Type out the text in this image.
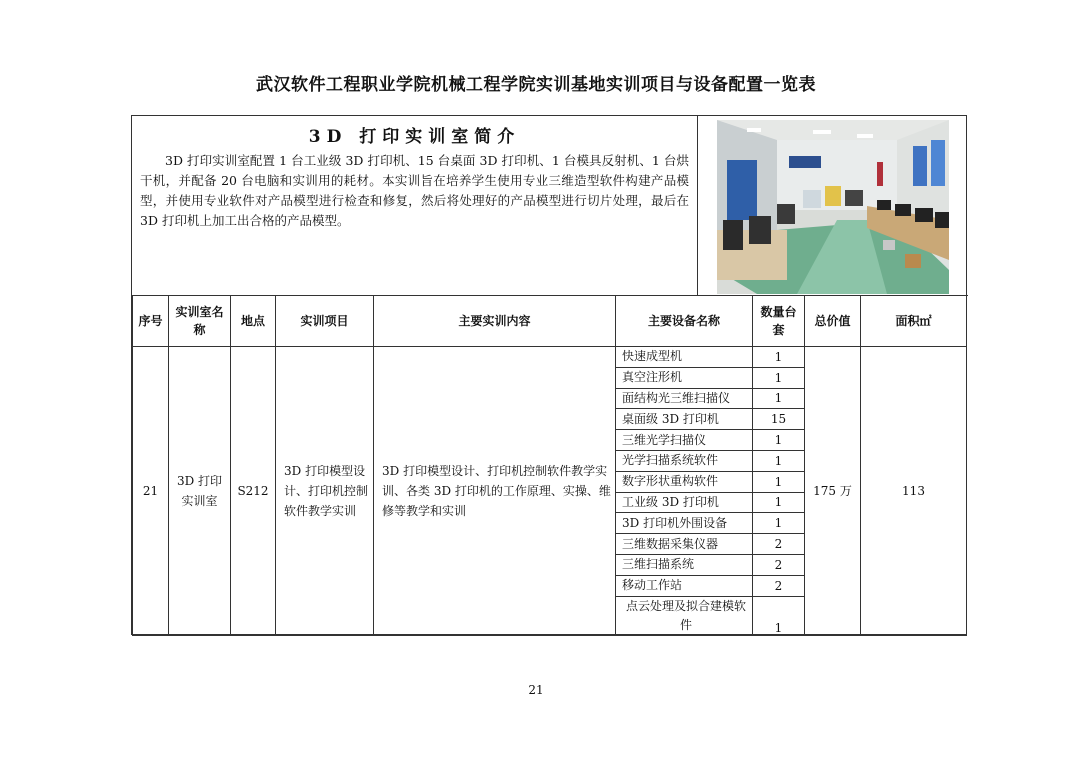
武汉软件工程职业学院机械工程学院实训基地实训项目与设备配置一览表
3D 打印实训室简介

3D 打印实训室配置 1 台工业级 3D 打印机、15 台桌面 3D 打印机、1 台模具反射机、1 台烘干机，并配备 20 台电脑和实训用的耗材。本实训旨在培养学生使用专业三维造型软件构建产品模型，并使用专业软件对产品模型进行检查和修复，然后将处理好的产品模型进行切片处理，最后在 3D 打印机上加工出合格的产品模型。

序号	实训室名称	地点	实训项目	主要实训内容	主要设备名称	数量台套	总价值	面积㎡
21	3D 打印实训室	S212	3D 打印模型设计、打印机控制软件教学实训	3D 打印模型设计、打印机控制软件教学实训、各类 3D 打印机的工作原理、实操、维修等教学和实训	快速成型机	1	175 万	113
					真空注形机	1		
					面结构光三维扫描仪	1		
					桌面级 3D 打印机	15		
					三维光学扫描仪	1		
					光学扫描系统软件	1		
					数字形状重构软件	1		
					工业级 3D 打印机	1		
					3D 打印机外围设备	1		
					三维数据采集仪器	2		
					三维扫描系统	2		
					移动工作站	2		
					点云处理及拟合建模软件	1		
21
